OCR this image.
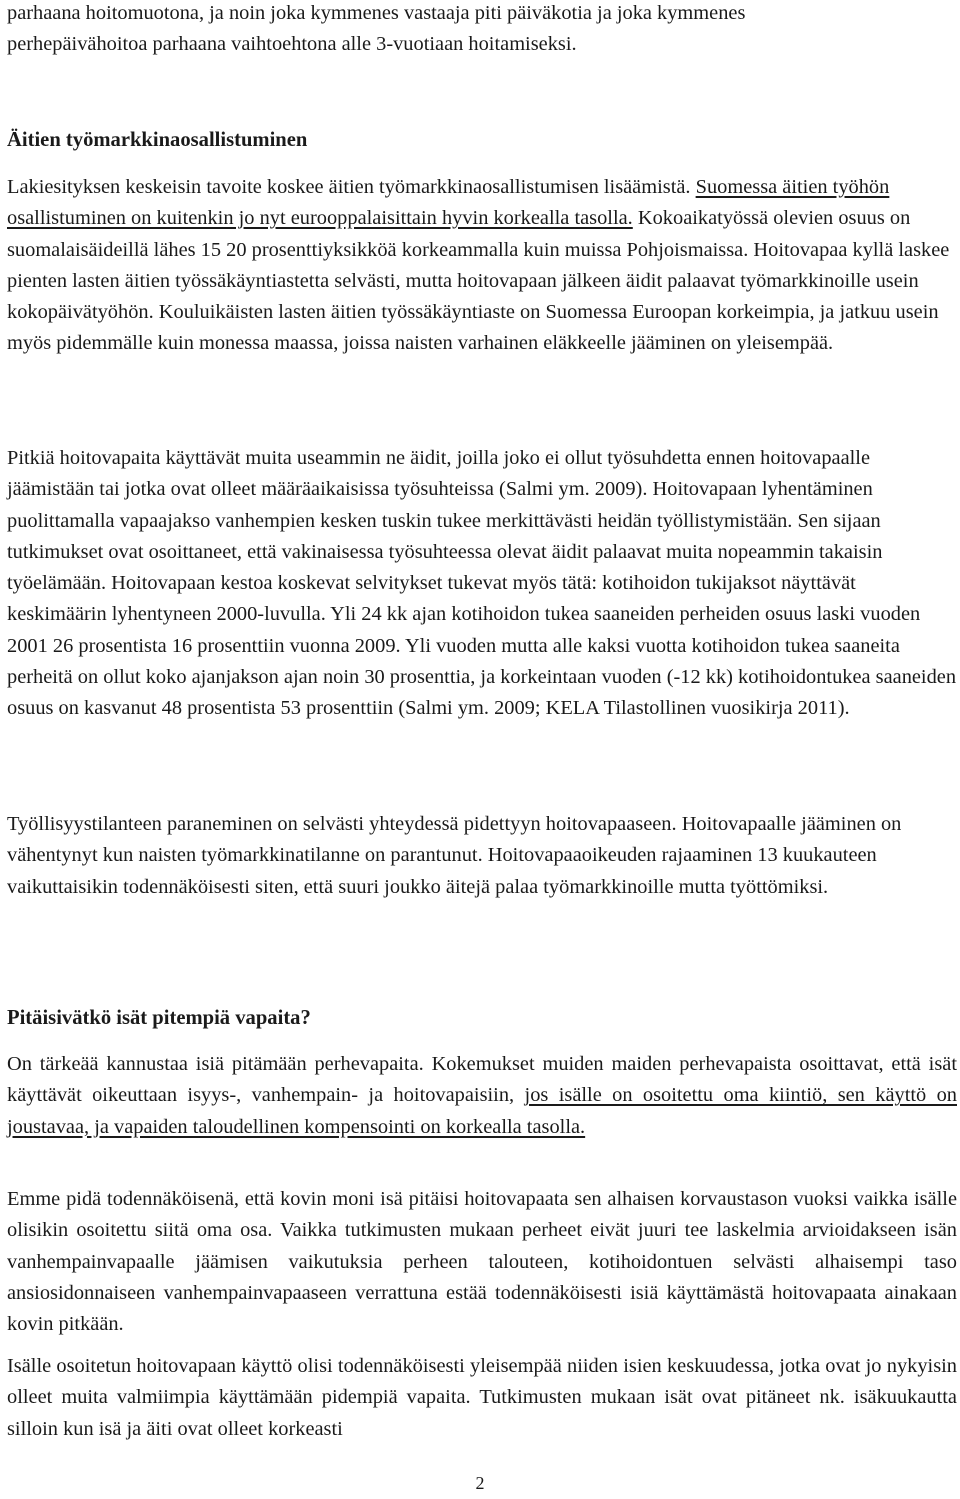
parhaana hoitomuotona, ja noin joka kymmenes vastaaja piti päiväkotia ja joka kymmenes
perhepäivähoitoa parhaana vaihtoehtona alle 3-vuotiaan hoitamiseksi.
Äitien työmarkkinaosallistuminen

Lakiesityksen keskeisin tavoite koskee äitien työmarkkinaosallistumisen lisäämistä. Suomessa äitien työhön osallistuminen on kuitenkin jo nyt eurooppalaisittain hyvin korkealla tasolla. Kokoaikatyössä olevien osuus on suomalaisäideillä lähes 15 20 prosenttiyksikköä korkeammalla kuin muissa Pohjoismaissa. Hoitovapaa kyllä laskee pienten lasten äitien työssäkäyntiastetta selvästi, mutta hoitovapaan jälkeen äidit palaavat työmarkkinoille usein kokopäivätyöhön. Kouluikäisten lasten äitien työssäkäyntiaste on Suomessa Euroopan korkeimpia, ja jatkuu usein myös pidemmälle kuin monessa maassa, joissa naisten varhainen eläkkeelle jääminen on yleisempää.

Pitkiä hoitovapaita käyttävät muita useammin ne äidit, joilla joko ei ollut työsuhdetta ennen hoitovapaalle jäämistään tai jotka ovat olleet määräaikaisissa työsuhteissa (Salmi ym. 2009). Hoitovapaan lyhentäminen puolittamalla vapaajakso vanhempien kesken tuskin tukee merkittävästi heidän työllistymistään. Sen sijaan tutkimukset ovat osoittaneet, että vakinaisessa työsuhteessa olevat äidit palaavat muita nopeammin takaisin työelämään. Hoitovapaan kestoa koskevat selvitykset tukevat myös tätä: kotihoidon tukijaksot näyttävät keskimäärin lyhentyneen 2000-luvulla. Yli 24 kk ajan kotihoidon tukea saaneiden perheiden osuus laski vuoden 2001 26 prosentista 16 prosenttiin vuonna 2009. Yli vuoden mutta alle kaksi vuotta kotihoidon tukea saaneita perheitä on ollut koko ajanjakson ajan noin 30 prosenttia, ja korkeintaan vuoden (-12 kk) kotihoidontukea saaneiden osuus on kasvanut 48 prosentista 53 prosenttiin (Salmi ym. 2009; KELA Tilastollinen vuosikirja 2011).

Työllisyystilanteen paraneminen on selvästi yhteydessä pidettyyn hoitovapaaseen. Hoitovapaalle jääminen on vähentynyt kun naisten työmarkkinatilanne on parantunut. Hoitovapaaoikeuden rajaaminen 13 kuukauteen vaikuttaisikin todennäköisesti siten, että suuri joukko äitejä palaa työmarkkinoille mutta työttömiksi.

Pitäisivätkö isät pitempiä vapaita?

On tärkeää kannustaa isiä pitämään perhevapaita. Kokemukset muiden maiden perhevapaista osoittavat, että isät käyttävät oikeuttaan isyys-, vanhempain- ja hoitovapaisiin, jos isälle on osoitettu oma kiintiö, sen käyttö on joustavaa, ja vapaiden taloudellinen kompensointi on korkealla tasolla.

Emme pidä todennäköisenä, että kovin moni isä pitäisi hoitovapaata sen alhaisen korvaustason vuoksi vaikka isälle olisikin osoitettu siitä oma osa. Vaikka tutkimusten mukaan perheet eivät juuri tee laskelmia arvioidakseen isän vanhempainvapaalle jäämisen vaikutuksia perheen talouteen, kotihoidontuen selvästi alhaisempi taso ansiosidonnaiseen vanhempainvapaaseen verrattuna estää todennäköisesti isiä käyttämästä hoitovapaata ainakaan kovin pitkään.

Isälle osoitetun hoitovapaan käyttö olisi todennäköisesti yleisempää niiden isien keskuudessa, jotka ovat jo nykyisin olleet muita valmiimpia käyttämään pidempiä vapaita. Tutkimusten mukaan isät ovat pitäneet nk. isäkuukautta silloin kun isä ja äiti ovat olleet korkeasti

2
